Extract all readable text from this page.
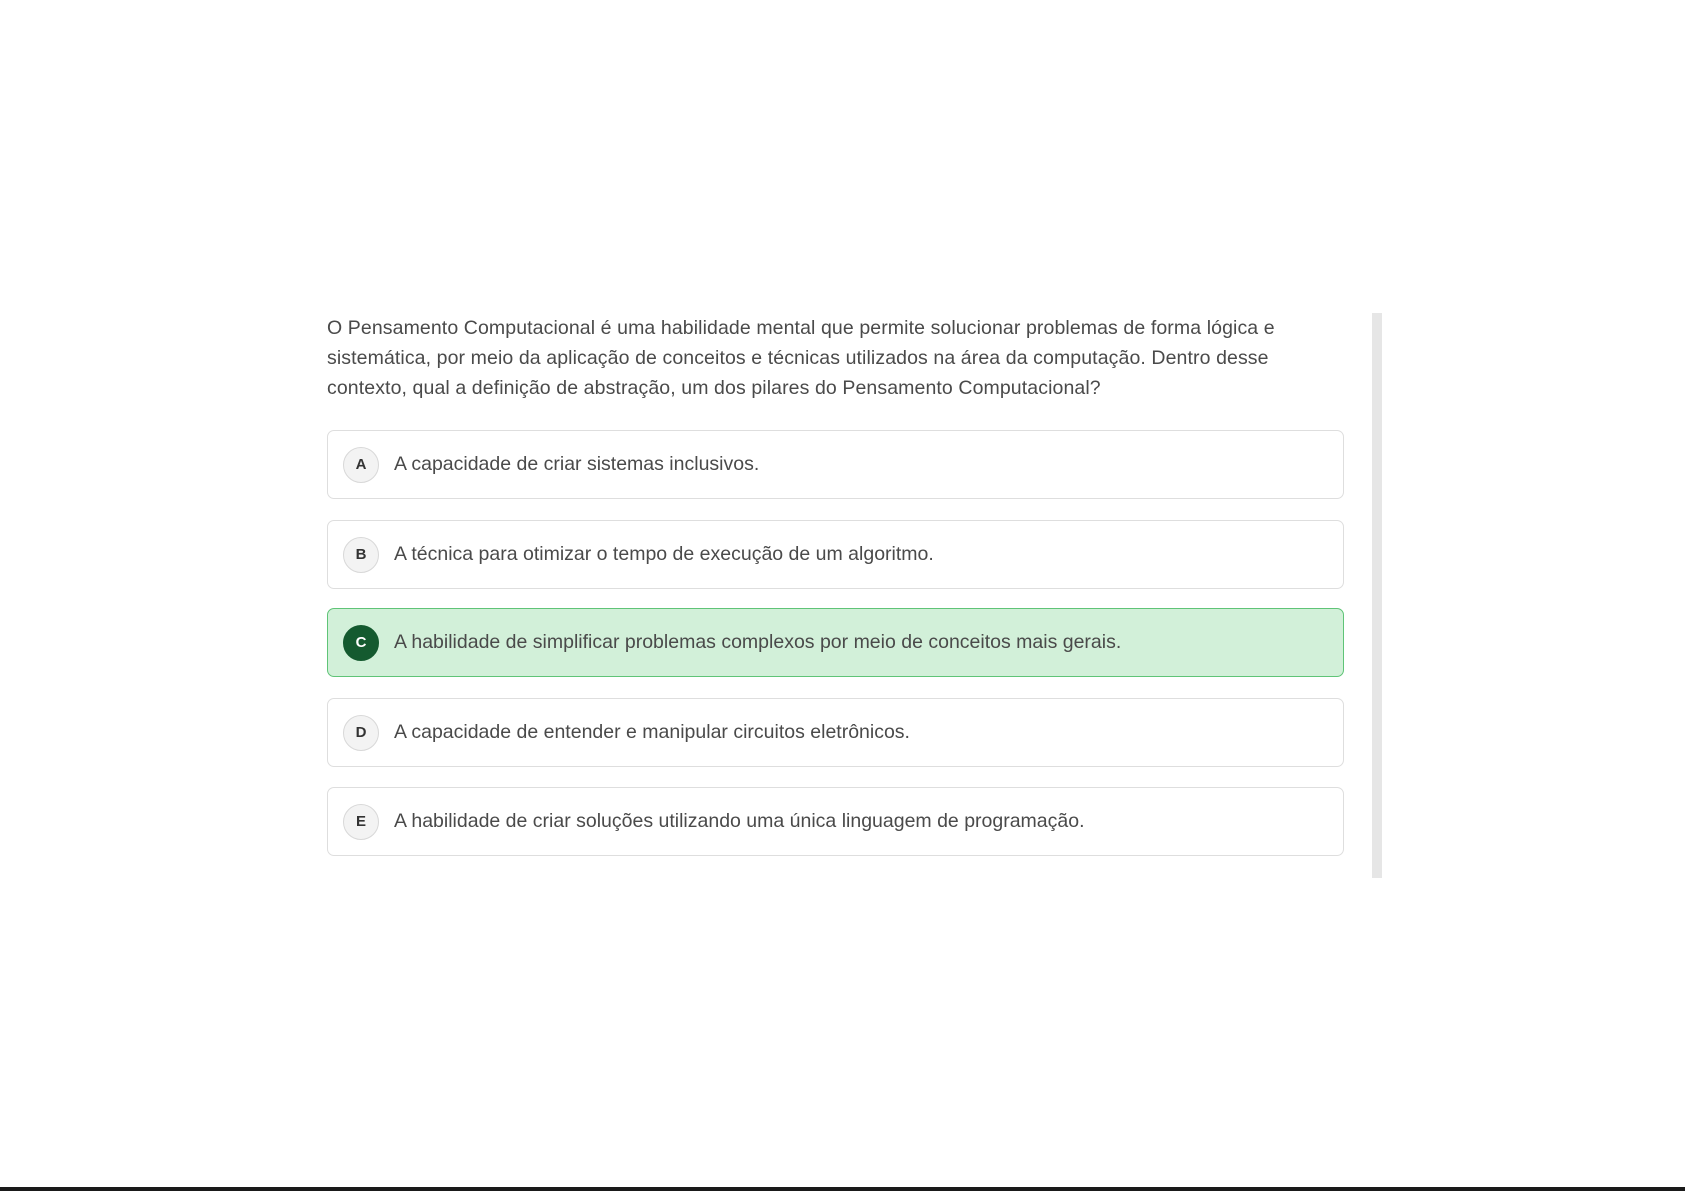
O Pensamento Computacional é uma habilidade mental que permite solucionar problemas de forma lógica e
sistemática, por meio da aplicação de conceitos e técnicas utilizados na área da computação. Dentro desse
contexto, qual a definição de abstração, um dos pilares do Pensamento Computacional?

A	A capacidade de criar sistemas inclusivos.
B	A técnica para otimizar o tempo de execução de um algoritmo.
C	A habilidade de simplificar problemas complexos por meio de conceitos mais gerais.
D	A capacidade de entender e manipular circuitos eletrônicos.
E	A habilidade de criar soluções utilizando uma única linguagem de programação.
